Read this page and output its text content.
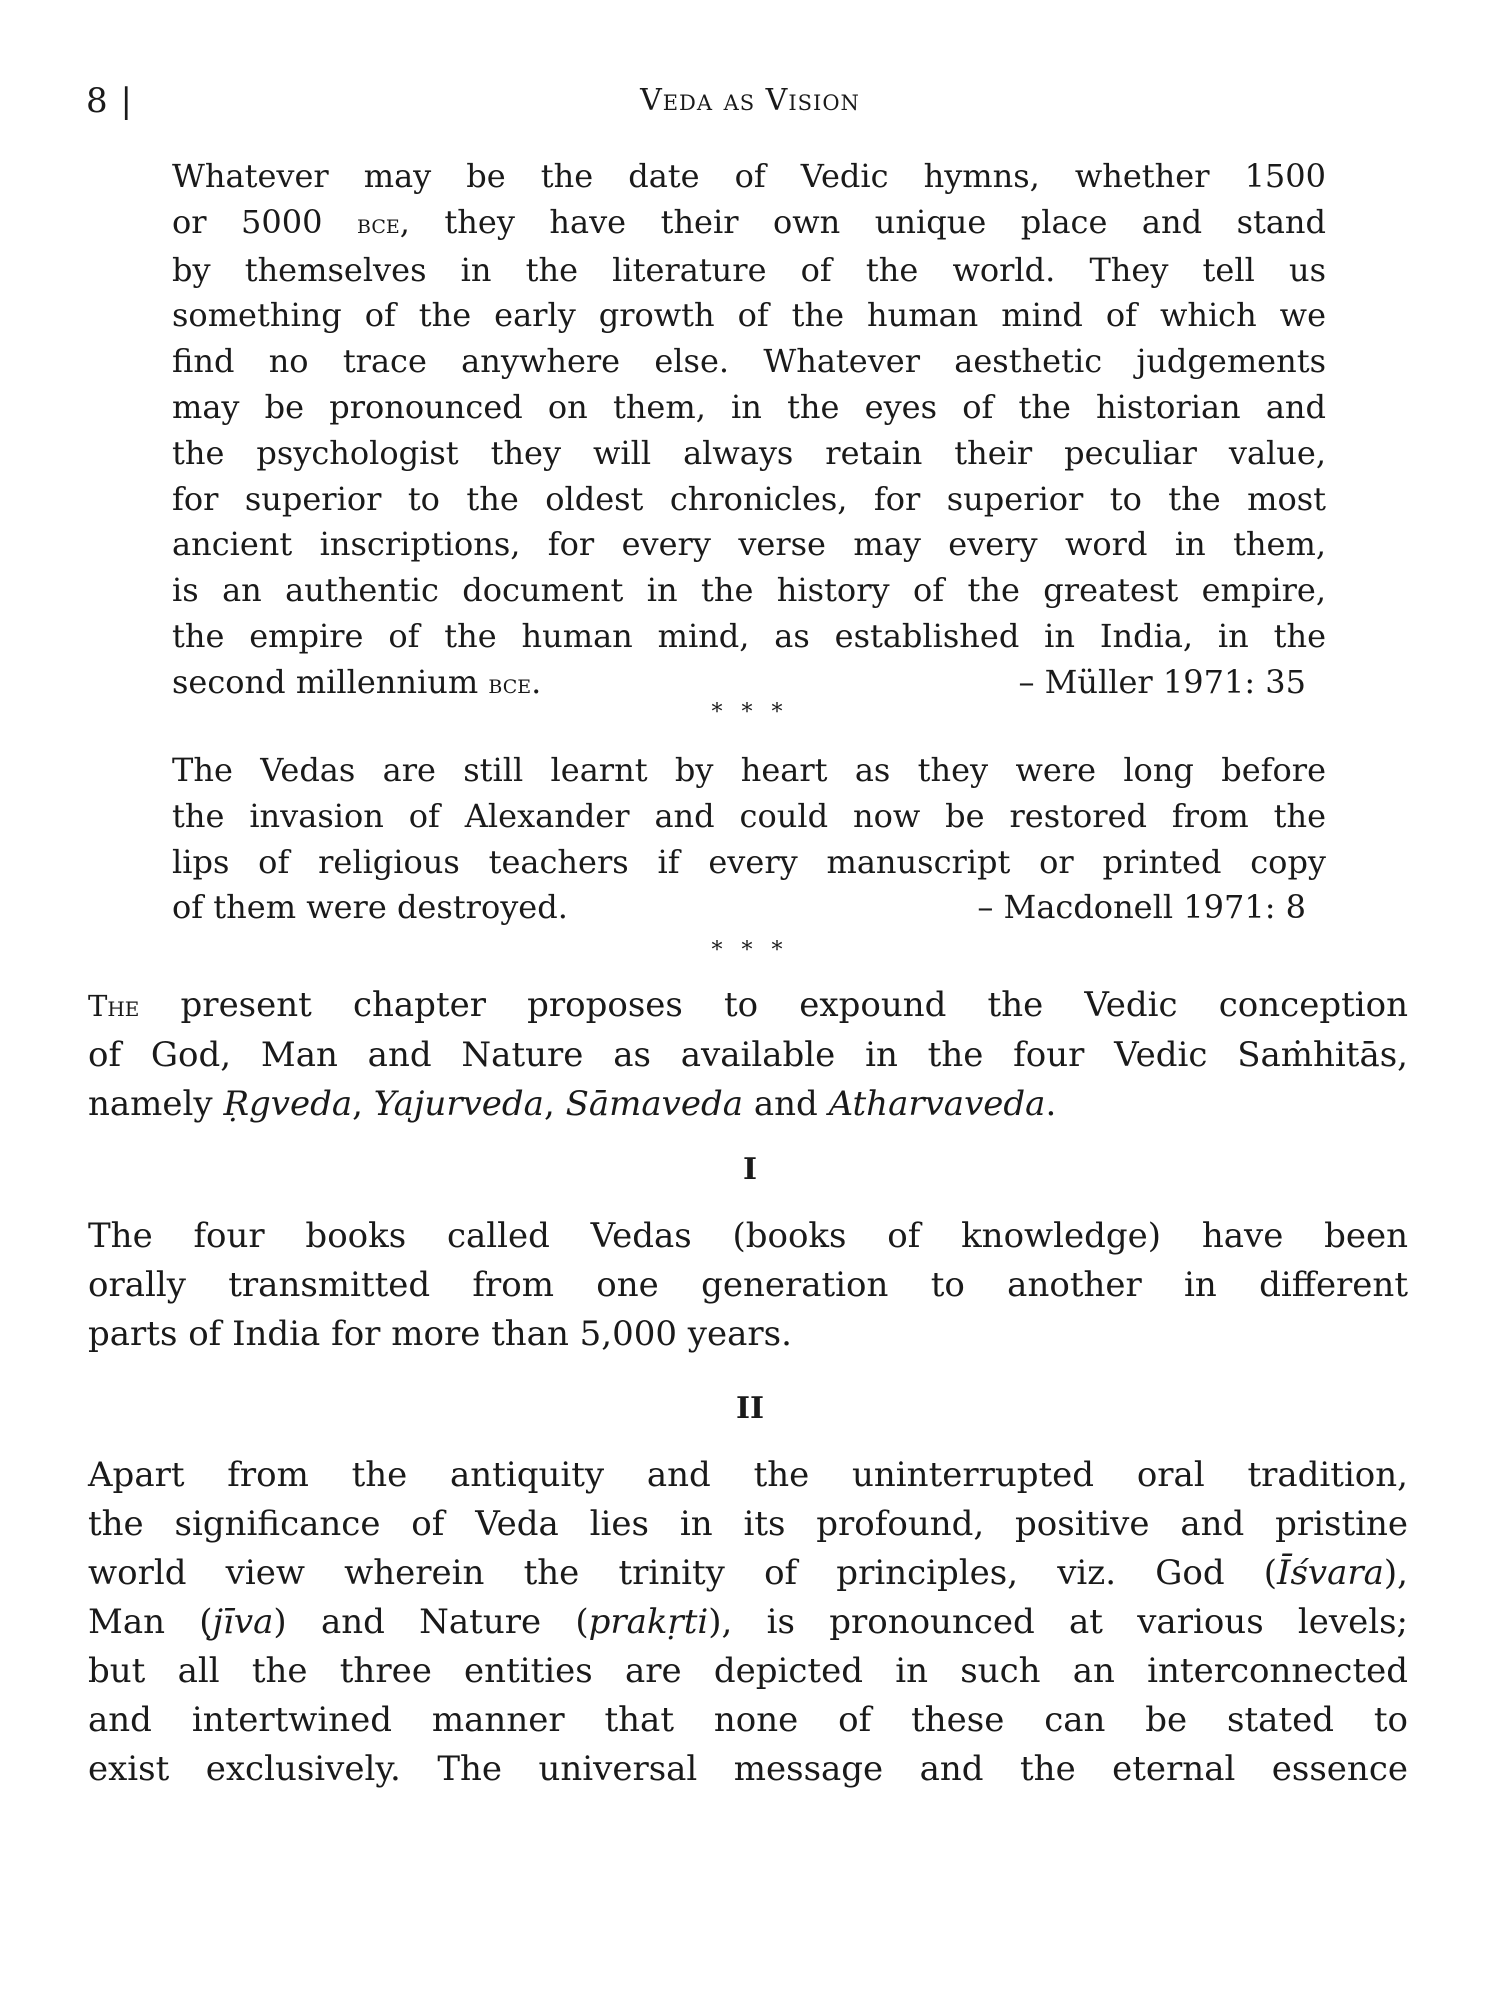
8 |	Veda as Vision
Whatever may be the date of Vedic hymns, whether 1500
or 5000 bce, they have their own unique place and stand
by themselves in the literature of the world. They tell us
something of the early growth of the human mind of which we
find no trace anywhere else. Whatever aesthetic judgements
may be pronounced on them, in the eyes of the historian and
the psychologist they will always retain their peculiar value,
for superior to the oldest chronicles, for superior to the most
ancient inscriptions, for every verse may every word in them,
is an authentic document in the history of the greatest empire,
the empire of the human mind, as established in India, in the
second millennium bce.	– Müller 1971: 35
* * *
The Vedas are still learnt by heart as they were long before
the invasion of Alexander and could now be restored from the
lips of religious teachers if every manuscript or printed copy
of them were destroyed.	– Macdonell 1971: 8
* * *
The present chapter proposes to expound the Vedic conception
of God, Man and Nature as available in the four Vedic Saṁhitās,
namely Ṛgveda, Yajurveda, Sāmaveda and Atharvaveda.
I
The four books called Vedas (books of knowledge) have been
orally transmitted from one generation to another in different
parts of India for more than 5,000 years.
II
Apart from the antiquity and the uninterrupted oral tradition,
the significance of Veda lies in its profound, positive and pristine
world view wherein the trinity of principles, viz. God (Īśvara),
Man (jīva) and Nature (prakṛti), is pronounced at various levels;
but all the three entities are depicted in such an interconnected
and intertwined manner that none of these can be stated to
exist exclusively. The universal message and the eternal essence
